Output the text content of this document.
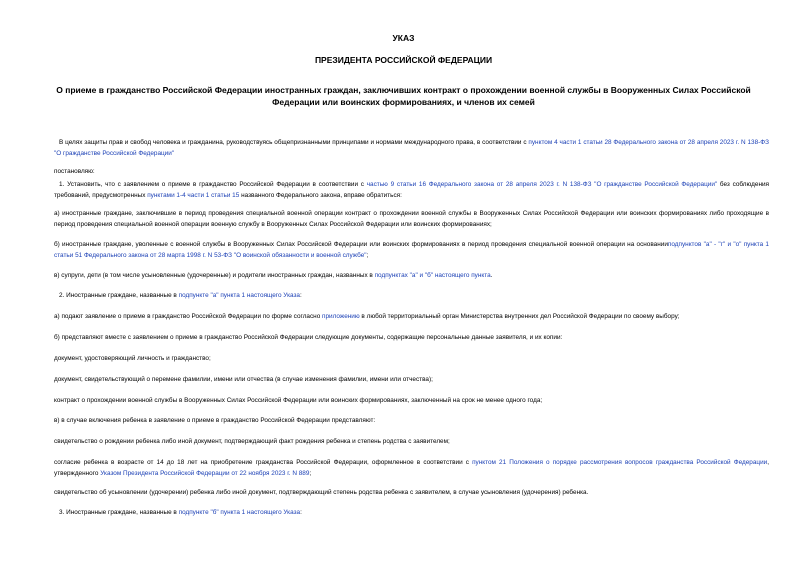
УКАЗ
ПРЕЗИДЕНТА РОССИЙСКОЙ ФЕДЕРАЦИИ
О приеме в гражданство Российской Федерации иностранных граждан, заключивших контракт о прохождении военной службы в Вооруженных Силах Российской Федерации или воинских формированиях, и членов их семей
В целях защиты прав и свобод человека и гражданина, руководствуясь общепризнанными принципами и нормами международного права, в соответствии с пунктом 4 части 1 статьи 28 Федерального закона от 28 апреля 2023 г. N 138-ФЗ "О гражданстве Российской Федерации"
постановляю:
1. Установить, что с заявлением о приеме в гражданство Российской Федерации в соответствии с частью 9 статьи 16 Федерального закона от 28 апреля 2023 г. N 138-ФЗ "О гражданстве Российской Федерации" без соблюдения требований, предусмотренных пунктами 1-4 части 1 статьи 15 названного Федерального закона, вправе обратиться:
а) иностранные граждане, заключившие в период проведения специальной военной операции контракт о прохождении военной службы в Вооруженных Силах Российской Федерации или воинских формированиях либо проходящие в период проведения специальной военной операции военную службу в Вооруженных Силах Российской Федерации или воинских формированиях;
б) иностранные граждане, уволенные с военной службы в Вооруженных Силах Российской Федерации или воинских формированиях в период проведения специальной военной операции на основанииподпунктов "а" - "г" и "о" пункта 1 статьи 51 Федерального закона от 28 марта 1998 г. N 53-ФЗ "О воинской обязанности и военной службе";
в) супруги, дети (в том числе усыновленные (удочеренные) и родители иностранных граждан, названных в подпунктах "а" и "б" настоящего пункта.
2. Иностранные граждане, названные в подпункте "а" пункта 1 настоящего Указа:
а) подают заявление о приеме в гражданство Российской Федерации по форме согласно приложению в любой территориальный орган Министерства внутренних дел Российской Федерации по своему выбору;
б) представляют вместе с заявлением о приеме в гражданство Российской Федерации следующие документы, содержащие персональные данные заявителя, и их копии:
документ, удостоверяющий личность и гражданство;
документ, свидетельствующий о перемене фамилии, имени или отчества (в случае изменения фамилии, имени или отчества);
контракт о прохождении военной службы в Вооруженных Силах Российской Федерации или воинских формированиях, заключенный на срок не менее одного года;
в) в случае включения ребенка в заявление о приеме в гражданство Российской Федерации представляют:
свидетельство о рождении ребенка либо иной документ, подтверждающий факт рождения ребенка и степень родства с заявителем;
согласие ребенка в возрасте от 14 до 18 лет на приобретение гражданства Российской Федерации, оформленное в соответствии с пунктом 21 Положения о порядке рассмотрения вопросов гражданства Российской Федерации, утвержденного Указом Президента Российской Федерации от 22 ноября 2023 г. N 889;
свидетельство об усыновлении (удочерении) ребенка либо иной документ, подтверждающий степень родства ребенка с заявителем, в случае усыновления (удочерения) ребенка.
3. Иностранные граждане, названные в подпункте "б" пункта 1 настоящего Указа:
